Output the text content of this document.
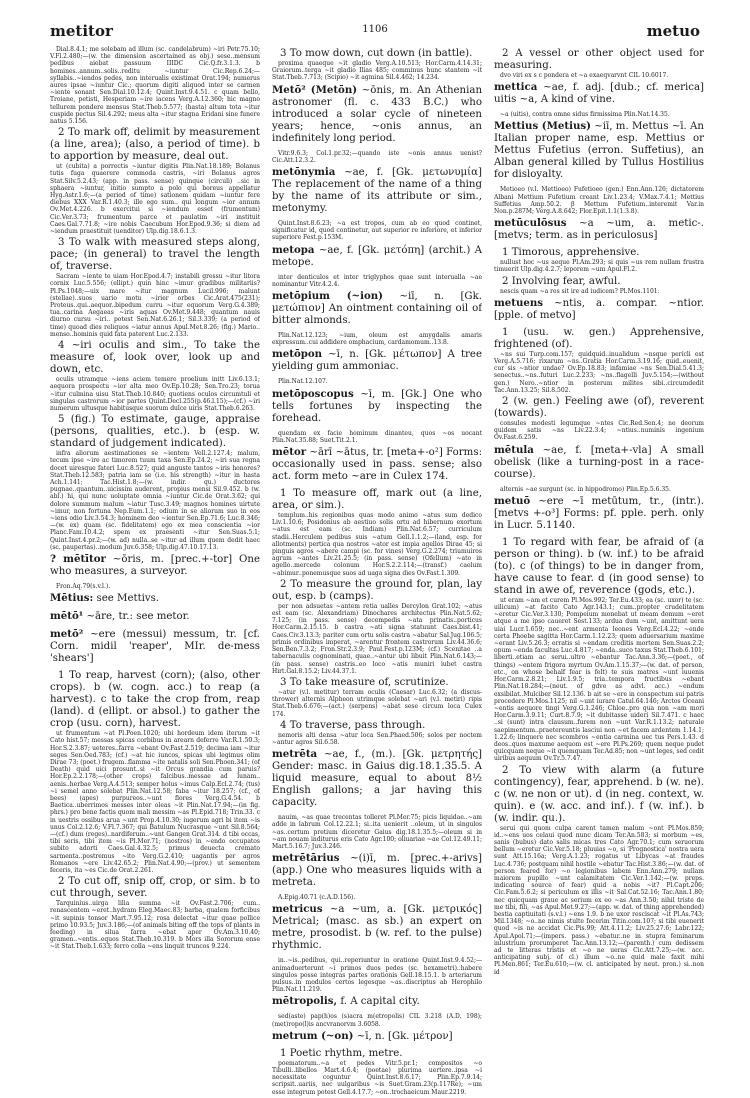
metitor	1106	metuo
Dial.8.4.1; me solebam ad illum (sc. candelabrum) ~iri Petr.75.10; V.Fl.2.480;—(w. the dimension ascertained as obj.) sese..mensum pedibus aiebat passuum IIIDC Cic.Q.fr.3.1.3. b homines..annum..solis..reditu ~iuntur Cic.Rep.6.24;—syllabis..~iendos pedes, non interualis existimat Orat.194; numerus aures ipsae ~iuntur Cic.; quorum digiti aliquod inter se carmen ~iente sonant Sen.Dial.10.12.4; Quint.Inst.9.4.51. c quam bello, Troiane, petisti, Hesperiam ~ire iacens Verg.A.12.360; hic magno tellurem pondere mensus Stat.Theb.5.577; (hasta) altum tota ~itur cuspide pectus Sil.4.292; meus alta ~itur stagna Eridani sine funere natus 5.156.
2 To mark off, delimit by measurement (a line, area); (also, a period of time). b to apportion by measure, deal out.
ut (cubita) a porrectis ~iuntur digitis Plin.Nat.18.189; Bolanus tutis fuga quaerere commoda castris, ~iri Bolanus agros Stat.Silv.5.2.43; (app. in pass. sense) quinque (circuli) ..sic in sphaera ~iuntur, initio sumpto a polo qui boreus appellatur Hyg.Astr.1.6;—(a period of time) sationem quidam ~iuntur fere diebus XXX Var.R.1.40.3; ille ego sum.. qui longum ~ior annum Ov.Met.4.226. b exercitui si ~iendum esset (frumentum) Cic.Ver.3.73; frumentum parce et paulatim ~iri instituit Caes.Gal.7.71.8; ~ire nobis Caecubum Hor.Epod.9.36; si diem ad ~iendum praestituit (uenditor) Ulp.dig.18.6.1.3.
3 To walk with measured steps along, pace; (in general) to travel the length of, traverse.
Sacram ~iente te uiam Hor.Epod.4.7; instabili gressu ~itur litora cornix Luc.5.556; (ellipt.) quin hinc ~imur gradibus militariis? Pl.Ps.1048;—uix mare ~itur magnum Lucil.996; malunt (stellae)..suos uario motu ~irier orbes Cic.Arat.475(231); Proteus..qui..aequor..bipedum curru ~itur equorum Verg.G.4.389; tua..carina Aegaeas ~iris aquas Ov.Met.9.448; quantum nauis diurno cursu ~iri.. potest Sen.Nat.6.26.1; Sil.3.339; (a period of time) quoad dies reliquos ~iatur annus Apul.Met.8.26; (fig.) Mario.. menso..hominis quid fata paterent Luc.2.133.
4 ~iri oculis and sim., To take the measure of, look over, look up and down, etc.
oculis utramque ~iens aciem temere proelium initt Liv.6.13.1; aequora prospectu ~ior alta meo Ov.Ep.10.28; Sen.Tro.23; torua ~itur culmina uisu Stat.Theb.10.840; quotiens oculos circumtuli et singulas castrorum ~ior partes Quint.Decl.255(p.46.l.15);—(cf.) ~iri numerum ultusque habitusque suorum dulce uiris Stat.Theb.6.263.
5 (fig.) To estimate, gauge, appraise (persons, qualities, etc.). b (esp. w. standard of judgement indicated).
infra aliorum aestimationes se ~ientem Vell.2.127.4; malum, tecum ipse ~ire ac timorem tuum taxa Sen.Ep.24.2; ~iri sua regna docet uiresque fateri Luc.8.527; quid anguste tantos ~iris honores? Stat.Theb.12.583; patria iam se (i.e. his strength) ~itur in hasta Ach.1.141; Tac.Hist.1.8;—(w. indir. qu.) ductores pugnae..quantum..uicissim auderent, propius mensi Sil.9.452. b (w. abl.) hi, qui nunc uoluptate omnia ~iuntur Cic.de Orat.3.62; qui dolore summum malum ~iatur Tusc.3.49; magnos homines uirtute ~imur, non fortuna Nep.Eum.1.1; odium in se aliorum suo in eos ~iens odio Liv.3.54.3; hominem deo ~ientur Sen.Ep.71.6; Luc.8.346;—(w. ex) quam (sc. fidelitatem) ego ex mea conscientia ~ior Planc.Fam.10.4.2; spem ex praesenti ~itur Sen.Suas.5.1; Quint.Inst.4.pr.2;—(w. ad) nulla..se ~itur ad illum quem dedit haec (sc. paupertas)..modum Juv.6.358; Ulp.dig.47.10.17.13.
? mētītor ~ōris, m. [prec.+-tor] One who measures, a surveyor.
Fron.Aq.79(s.v.l.).
Mētius: see Mettivs.
mētō¹ ~āre, tr.: see metor.
metō² ~ere (messui) messum, tr. [cf. Corn. midil 'reaper', MIr. de-mess 'shears']
1 To reap, harvest (corn); (also, other crops). b (w. cogn. acc.) to reap (a harvest). c to take the crop from, reap (land). d (ellipt. or absol.) to gather the crop (usu. corn), harvest.
ut frumentum ~at Pl.Poen.1020; ubi hordeum idem iterum ~it Cato hist.57; messas spicas corbibus in arearn deferre Var.R.1.50.3; Hor.S.2.3.87; ueteres..farra ~ebant Ov.Fast.2.519; decima iam ~itur seges Sen.Oed.783; (cf.) ~at hic iuncos, spicas ubi legimus olim Dirae 73; (poet.) frugem..flamma ~ite natalis soli Sen.Phoen.341; (of Death) quid uici prosunt..si ~it Orcus grandia cum paruis? Hor.Ep.2.2.178;—(other crops) falcibus..messae ad lunam.. aenis..herbae Verg.A.4.513; semper holus ~imus Calp.Ecl.2.74; (tus) ~i semel anno solebat Plin.Nat.12.58; faba ~itur 18.257; (cf., of bees) (apes) purpureos..~unt flores Verg.G.4.54. b Baetica..uberrimos messes inter oleas ~it Plin.Nat.17.94;—(in fig. phrs.) pro bene factis quom mali messim ~as Pl.Epid.718; Trin.33. c in uestris ossibus arua ~unt Prop.4.10.30; iugerum agri bi item ~is unus Col.2.12.6; V.Fl.7.367; qui Batulum Nucrasque ~unt Sil.8.564;—(cf.) dum (reges)..nardiferum..~unt Gangen Grat.314. d tibi occas, tibi seris, tibi item ~is Pl.Mer.71; (nostros) in ~endo occupatos subito adorti Caes.Gal.4.32.5; primus deuecta cremato sarmenta..postremus ~ito Verg.G.2.410; uagantis per agros Romanos ~ere Liv.42.65.2; Plin.Nat.4.90;—(prov.) ut sementem feceris, ita ~es Cic.de Orat.2.261.
2 To cut off, snip off, crop, or sim. b to cut through, sever.
Tarquinius..uirga lilia summa ~it Ov.Fast.2.706; cum.. renascentem ~eret..hydram Eleg.Maec.83; barba, qualem forficibus ~it supinis tonsor Mart.7.95.12; rosa delectat ~itur quae pollice primo 10.93.5; Juv.3.186;—(of animals biting off the tops of plants in feeding) in silua farra ~ebat aper Ov.Am.3.10.40; gramen..~entis..equos Stat.Theb.10.319. b Mors illa Sororum ense ~it Stat.Theb.1.633; ferro colla ~ens linquit truncos 9.224.
3 To mow down, cut down (in battle).
proxima quaeque ~it gladio Verg.A.10.513; Hor.Carm.4.14.31; Graiorum..terga ~it gladio Ilias 485; comminus hunc stantem ~it Stat.Theb.7.713; (Scipio) ~it agmina Sil.4.462; 14.234.
Metō² (Metōn) ~ōnis, m. An Athenian astronomer (fl. c. 433 B.C.) who introduced a solar cycle of nineteen years; hence, ~onis annus, an indefinitely long period.
Vitr.9.6.3; Col.1.pr.32;—quando iste ~onis annus uenist? Cic.Att.12.3.2.
metōnymia ~ae, f. [Gk. μετωνυμία] The replacement of the name of a thing by the name of its attribute or sim., metonymy.
Quint.Inst.8.6.23; ~a est tropos, cum ab eo quod continet, significatur id, quod continetur, aut superior re inferiore, et inferior superiore Fest.p.153M.
metopa ~ae, f. [Gk. μετόπη] (archit.) A metope.
inter denticulos et inter triglyphos quae sunt interualla ~ae nominantur Vitr.4.2.4.
metōpium (~ion) ~iī, n. [Gk. μετώπιον] An ointment containing oil of bitter almonds.
Plin.Nat.12.123; ~ium, oleum est amygdalis amaris expressum..cui addidere omphacium, cardamomum..13.8.
metōpon ~ī, n. [Gk. μέτωπον] A tree yielding gum ammoniac.
Plin.Nat.12.107.
metōposcopus ~ī, m. [Gk.] One who tells fortunes by inspecting the forehead.
quendam ex facie hominum dinanteu, quos ~os uocant Plin.Nat.35.88; Suet.Tit.2.1.
mētor ~ārī ~ātus, tr. [meta+-o²] Forms: occasionally used in pass. sense; also act. form meto ~are in Culex 174.
1 To measure off, mark out (a line, area, or sim.).
templum..his regionibus quas modo animo ~atus sum dedico Liv.1.10.6; Posidonius ab aestiuo solis ortu ad hibernum exortum ~atus est eam (sc. Indiam) Plin.Nat.6.57; curriculum stadii..Herculem pedibus suis ~atum Gell.1.1.2;—(land, esp. for allotments) pertica qua nostros ~ator est impia agellos Dirae 45; si pinguis agros ~abere campi (sc. for vines) Verg.G.2.274; triumuiros agrum ~antes Liv.21.25.5; (in pass. sense) (Ofellum) ~ato in agello..mercede colonum Hor.S.2.2.114;—(transf.) caelum ~abimur..ponemusque suos ad uaga signa dies Ov.Fast.1.309.
2 To measure the ground for, plan, lay out, esp. b (camps).
per non adsuetas ~antem retia ualles Dercylon Grat.102; ~atus est eam (sc. Alexandriam) Dinochares architectus Plin.Nat.5.62; 7.125; (in pass. sense) decempedis ~ata prinatis..porticus Hor.Carm.2.15.15. b castra ~ati signa statuunt Caes.bist.41; Caes.Civ.3.13.3; pariter cum ortu solis castra ~abatur Sal.Jug.106.5; primis ordinibus imperat, ~arentur frontem castrorum Liv.44.36.6; Sen.Ben.7.3.2; Fron.Str.2.3.9; Paul.Fest.p.123M; (cf.) Scenitae ..a tabernaculis cognominati, quae..~antur ubi libuit Plin.Nat.6.143;—(in pass. sense) castris..eo loco ~atis muniri iubet castra Hirt.Gal.8.15.2; Liv.44.37.1.
3 To take measure of, scrutinize.
~atur (v.l. metitur) terram oculis (Caesar) Luc.6.32; (a discus-thrower) alternis Alpheon utrimque solebat ~ari (v.l. metiri) ripis Stat.Theb.6.676;—(act.) (serpens) ~abat sese circum loca Culex 174.
4 To traverse, pass through.
nemoris alti densa ~atur loca Sen.Phaed.506; solos per noctem ~antur agros Sil.6.58.
metrēta ~ae, f., (m.). [Gk. μετρητής] Gender: masc. in Gaius dig.18.1.35.5. A liquid measure, equal to about 8½ English gallons; a jar having this capacity.
nauim, ~as quae trecentas tolleret Pl.Mer.75; picis liquidae..~am adde in labrum Col.12.22.1; si..ita uenierit ..oleum, ut in singulos ~as..certum pretium diceretur Gaius dig.18.1.35.5;—oleum si in ~am nouam inditurus eris Cato Agr.100; oliuariae ~ae Col.12.49.11; Mart.5.16.7; Juv.3.246.
metrētārius ~(i)ī, m. [prec.+-arivs] (app.) One who measures liquids with a metreta.
A.Epig.40.71 (c.A.D.156).
metricus ~a ~um, a. [Gk. μετρικός] Metrical; (masc. as sb.) an expert on metre, prosodist. b (w. ref. to the pulse) rhythmic.
in..~is..pedibus, qui..reperiuntur in oratione Quint.Inst.9.4.52;—animaduerterunt ~i primos duos pedes (sc. hexametri)..habere singulos posse integras partes orationis Gell.18.15.1. b arteriarum pulsus..in modulos certos legesque ~as..discriptus ab Herophilo Plin.Nat.11.219.
mētropolis, f. A capital city.
sed(aste) pap(h)os (s)acra m(etropolis) CIL 3.218 (A.D. 198); (met)ropo(l)is ancvranorvm 3.6058.
metrum (~on) ~ī, n. [Gk. μέτρον]
1 Poetic rhythm, metre.
poematorum..~a et pedes Vitr.5.pr.1; compositos ~o Tibulli..libellos Mart.4.6.4; (poetae) plurima uertere..ipsa ~i necessitate coguntur Quint.Inst.8.6.17; Plin.Ep.7.9.14; scripsit..uariis, nec uulgaribus ~is Suet.Gram.23(p.117Re); ~um esse integrum potest Gell.4.17.7; ~on..trochaeicum Maur.2219.
2 A vessel or other object used for measuring.
dvo viri ex s c pondera et ~a exaeqvarvnt CIL 10.6017.
mettica ~ae, f. adj. [dub.; cf. merica] uitis ~a, A kind of vine.
~a (uitis), contra omne sidus firmissima Plin.Nat.14.35.
Mettius (Metius) ~iī, m. Mettus ~ī. An Italian proper name, esp. Mettius or Mettus Fufetius (erron. Suffetius), an Alban general killed by Tullus Hostilius for disloyalty.
Metioeo (v.l. Mettioeo) Fufetioeo (gen.) Enn.Ann.126; dictatorem Albani Mettium Fufetium creant Liv.1.23.4; V.Max.7.4.1; Mettius Suffetius Amp.50.2. β Mettum Fufetium..interemit Var.in Non.p.287M; Verg.A.8.642; Flor.Epit.1.1(1.3.8).
metūculōsus ~a ~um, a. metic-. [metvs; term. as in periculosus]
1 Timorous, apprehensive.
nullust hoc ~us aeque Pl.Am.293; si quis ~us rem nullam frustra timuerit Ulp.dig.4.2.7; leporem ~um Apul.Fl.2.
2 Involving fear, awful.
nescis quam ~a res sit ire ad iudicem? Pl.Mos.1101.
metuens ~ntis, a. compar. ~ntior. [pple. of metvo]
1 (usu. w. gen.) Apprehensive, frightened (of).
~ns sui Turp.com.157; quidquid..inualidum ~nsque pericli est Verg.A.5.716; rixarum ~ns..Gratia Hor.Carm.3.19.16; quid..euenit, cur sis ~ntior undae? Ov.Ep.18.83; infamiae ~ns Sen.Dial.5.41.3; senectus..~ns..futuri Luc.2.233; ~ns..flagelli Juv.5.154;—(without gen.) Nero..~ntior in posterum milites sibi..circumdedit Tac.Ann.13.25; Sil.8.502.
2 (w. gen.) Feeling awe (of), reverent (towards).
consules modesti legumque ~ntes Cic.Red.Sen.4; ne deorum quidem satis ~ns Liv.22.3.4; ~ntius..numinis ingenium Ov.Fast.6.259.
mētula ~ae, f. [meta+-vla] A small obelisk (like a turning-post in a race-course).
alternis ~ae surgunt (sc. in hippodromo) Plin.Ep.5.6.35.
metuō ~ere ~ī metūtum, tr., (intr.). [metvs +-o³] Forms: pf. pple. perh. only in Lucr. 5.1140.
1 To regard with fear, be afraid of (a person or thing). b (w. inf.) to be afraid (to). c (of things) to be in danger from, have cause to fear. d (in good sense) to stand in awe of, reverence (gods, etc.).
ut eram ~am et curem Pl.Mos.992; Ter.Eu.433; ea (sc. uxor) te (sc. uilicum) ~at facito Cato Agr.143.1; cum..propter crudelitatem ~eretur Cic.Ver.3.130; Pompeium monebat ut meam domum ~eret atque a me ipso caueret Sest.133; ardua dum ~unt, amittunt uera uiai Lucr.1.659; nec..~ent armenta leones Verg.Ecl.4.22; ~ende certa Phoebe sagitta Hor.Carm.1.12.23; quem aduersarium maxime ~erant Liv.5.26.3; erratis si ~endam creditis mortem Sen.Suas.2.2; opum ~enda facultas Luc.4.817; ~enda..suco taxus Stat.Theb.6.101; liberti..etiam ac serui..ultro ~ebantur Tac.Ann.3.36;—(poet., of things) ~entem frigora myrtum Ov.Am.1.15.37;—(w. dat. of person, etc., on whose behalf fear is felt) te suis matres ~unt iuuenis Hor.Carm.2.8.21; Liv.1.9.5; tria..tempora fructibus ~ebant Plin.Nat.18.284;—(neut. of gdve as advl. acc.) ~endum exsibilat..Mulciber Sil.12.136. b ait se ~ere in conspectum sui patris procedere Pl.Mos.1125; nil ~unt iurare Catul.64.146; Arctos Oceani ~entis aequore tingi Verg.G.1.246; Chloe..pro qua non ~am mori Hor.Carm.3.9.11; Curt.8.7.9; ~it dubitasse uideri Sil.7.471. c haec ..si (sunt) intra clausum..furem non ~unt Var.R.1.13.2; naturale saepimentum..praetereuntis lasciui non ~et facem ardentem 1.14.1; 1.22.6; linquere nec scombros ~entia carmina uec tus Pers.1.43. d deos..quos maxume aequom est ~ere Pl.Ps.269; quem neque pudet quicquam neque ~it quemquam Ter.Ad.85; non ~unt leges, sed cedit uiribus aequum Ov.Tr.5.7.47.
2 To view with alarm (a future contingency), fear, apprehend. b (w. ne). c (w. ne non or ut). d (in neg. context, w. quin). e (w. acc. and inf.). f (w. inf.). b (w. indir. qu.).
serui qui quom culpa carent tamen malum ~ont Pl.Mos.859; id..~ens uos celaui quod nunc dicam Ter.An.583; si morbum ~es, sanis (bubus) dato salis micas tres Cato Agr.70.1; cum seruorum bellum ~eretur Cic.Ver.5.18; pluuias ~o, si 'Prognostica' nostra uera sunt Att.15.16a; Verg.A.1.23; rogatus ut Libycas ~at fraudes Luc.4.736; postquam nihil hostile ~ebatur Tac.Hist.3.86;—(w. dat. of person feared for) ~o legionibus labem Enn.Ann.279; nullam maiorem pupillo ~unt calamitatem Cic.Ver.1.142;—(w. preps. indicating source of fear) quid a nobis ~it? Pl.Capt.206; Cic.Fam.5.6.2; si periculum ex illis ~it Sal.Cat.52.16; Tac.Ann.1.80; nec quicquam graue ac serium ex eo ~as Ann.3.50; nihil triste de me tibi, fili, ~as Apul.Met.9.27;—(app. w. dat. of thing apprehended) bestia captiuitati (s.v.l.) ~ens 1.9. b ne uxor resciscat ~it Pl.As.743; Mil.1348; ~o..ne nimis stulte fecerim Titin.com.107; si tibi euenerit quod ~is ne accidat Cic.Pis.99; Att.4.11.2; Liv.25.27.6; Labr.122; Apul.Apol.71;—(impers. pass.) ~ebatur..ne in stupra feminarum inlustrium prorumperet Tac.Ann.13.12;—(parenth.) cum dedissem ad te litteras tristis et ~o ne ueras Cic.Att.7.25;—(w. acc. anticipating subj. of cl.) illum ~o..ne quid male faxit mihi Pl.Men.861; Ter.Eu.610;—(w. cl. anticipated by neut. pron.) si..non id
